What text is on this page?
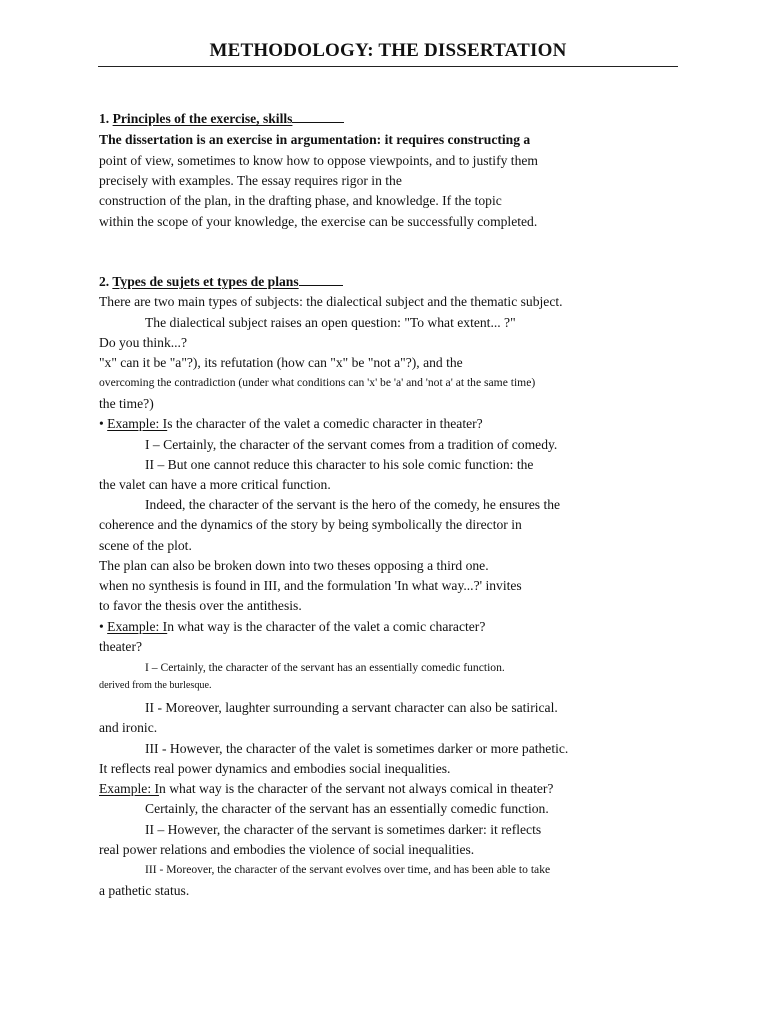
METHODOLOGY: THE DISSERTATION
1. Principles of the exercise, skills
The dissertation is an exercise in argumentation: it requires constructing a
point of view, sometimes to know how to oppose viewpoints, and to justify them
precisely with examples. The essay requires rigor in the
construction of the plan, in the drafting phase, and knowledge. If the topic
within the scope of your knowledge, the exercise can be successfully completed.
2. Types de sujets et types de plans
There are two main types of subjects: the dialectical subject and the thematic subject.
The dialectical subject raises an open question: "To what extent... ?"
Do you think...?
"x" can it be "a"?), its refutation (how can "x" be "not a"?), and the
overcoming the contradiction (under what conditions can 'x' be 'a' and 'not a' at the same time)
the time?)
• Example: Is the character of the valet a comedic character in theater?
I – Certainly, the character of the servant comes from a tradition of comedy.
II – But one cannot reduce this character to his sole comic function: the
the valet can have a more critical function.
Indeed, the character of the servant is the hero of the comedy, he ensures the
coherence and the dynamics of the story by being symbolically the director in
scene of the plot.
The plan can also be broken down into two theses opposing a third one.
when no synthesis is found in III, and the formulation 'In what way...?' invites
to favor the thesis over the antithesis.
• Example: In what way is the character of the valet a comic character?
theater?
I – Certainly, the character of the servant has an essentially comedic function.
derived from the burlesque.
II - Moreover, laughter surrounding a servant character can also be satirical.
and ironic.
III - However, the character of the valet is sometimes darker or more pathetic.
It reflects real power dynamics and embodies social inequalities.
Example: In what way is the character of the servant not always comical in theater?
Certainly, the character of the servant has an essentially comedic function.
II – However, the character of the servant is sometimes darker: it reflects
real power relations and embodies the violence of social inequalities.
III - Moreover, the character of the servant evolves over time, and has been able to take
a pathetic status.
